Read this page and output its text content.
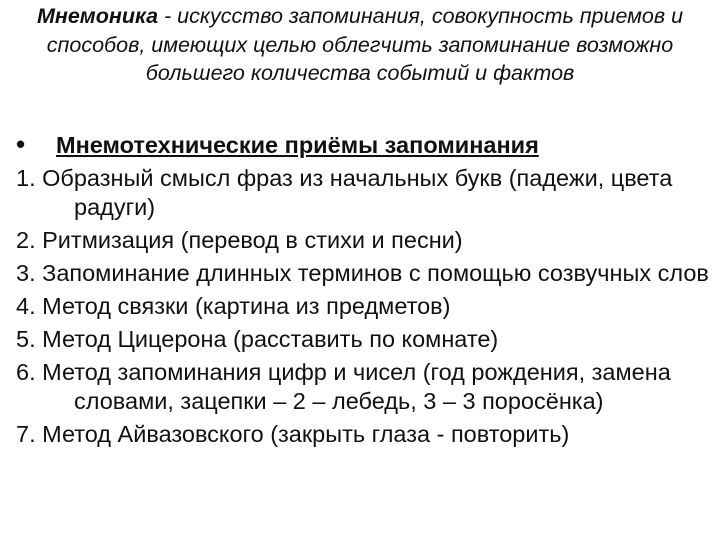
Мнемоника - искусство запоминания, совокупность приемов и способов, имеющих целью облегчить запоминание возможно большего количества событий и фактов
• Мнемотехнические приёмы запоминания
1. Образный смысл фраз из начальных букв (падежи, цвета радуги)
2. Ритмизация (перевод в стихи и песни)
3. Запоминание длинных терминов с помощью созвучных слов
4. Метод связки (картина из предметов)
5. Метод Цицерона (расставить по комнате)
6. Метод запоминания цифр и чисел (год рождения, замена словами, зацепки – 2 – лебедь, 3 – 3 поросёнка)
7. Метод Айвазовского (закрыть глаза - повторить)
